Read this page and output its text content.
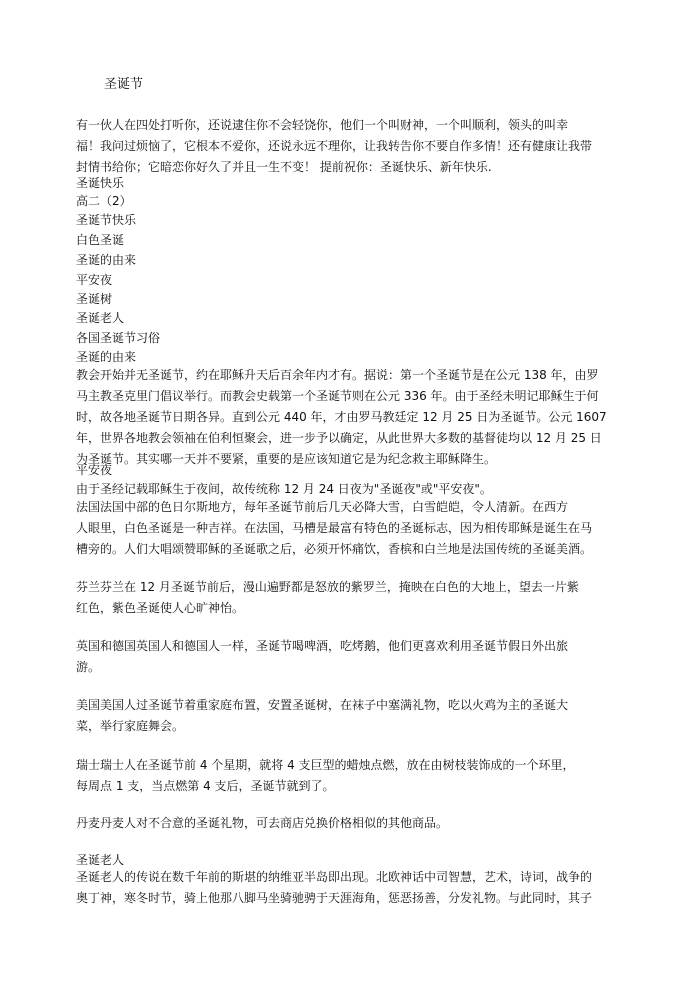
圣诞节
有一伙人在四处打听你，还说逮住你不会轻饶你，他们一个叫财神，一个叫顺利，领头的叫幸
福！我问过烦恼了，它根本不爱你，还说永远不理你，让我转告你不要自作多情！还有健康让我带
封情书给你；它暗恋你好久了并且一生不变！ 提前祝你：圣诞快乐、新年快乐.
圣诞快乐
高二（2）
圣诞节快乐
白色圣诞
圣诞的由来
平安夜
圣诞树
圣诞老人
各国圣诞节习俗
圣诞的由来
教会开始并无圣诞节，约在耶稣升天后百余年内才有。据说：第一个圣诞节是在公元 138 年，由罗
马主教圣克里门倡议举行。而教会史载第一个圣诞节则在公元 336 年。由于圣经未明记耶稣生于何
时，故各地圣诞节日期各异。直到公元 440 年，才由罗马教廷定 12 月 25 日为圣诞节。公元 1607
年，世界各地教会领袖在伯利恒聚会，进一步予以确定，从此世界大多数的基督徒均以 12 月 25 日
为圣诞节。其实哪一天并不要紧，重要的是应该知道它是为纪念救主耶稣降生。
平安夜
由于圣经记载耶稣生于夜间，故传统称 12 月 24 日夜为"圣诞夜"或"平安夜"。
法国法国中部的色日尔斯地方，每年圣诞节前后几天必降大雪，白雪皑皑，令人清新。在西方
人眼里，白色圣诞是一种吉祥。在法国，马槽是最富有特色的圣诞标志，因为相传耶稣是诞生在马
槽旁的。人们大唱颂赞耶稣的圣诞歌之后，必须开怀痛饮，香槟和白兰地是法国传统的圣诞美酒。
芬兰芬兰在 12 月圣诞节前后，漫山遍野都是怒放的紫罗兰，掩映在白色的大地上，望去一片紫
红色，紫色圣诞使人心旷神怡。
英国和德国英国人和德国人一样，圣诞节喝啤酒，吃烤鹅，他们更喜欢利用圣诞节假日外出旅
游。
美国美国人过圣诞节着重家庭布置，安置圣诞树，在袜子中塞满礼物，吃以火鸡为主的圣诞大
菜，举行家庭舞会。
瑞士瑞士人在圣诞节前 4 个星期，就将 4 支巨型的蜡烛点燃，放在由树枝装饰成的一个环里，
每周点 1 支，当点燃第 4 支后，圣诞节就到了。
丹麦丹麦人对不合意的圣诞礼物，可去商店兑换价格相似的其他商品。
圣诞老人
圣诞老人的传说在数千年前的斯堪的纳维亚半岛即出现。北欧神话中司智慧，艺术，诗词，战争的
奥丁神，寒冬时节，骑上他那八脚马坐骑驰骋于天涯海角，惩恶扬善，分发礼物。与此同时，其子
